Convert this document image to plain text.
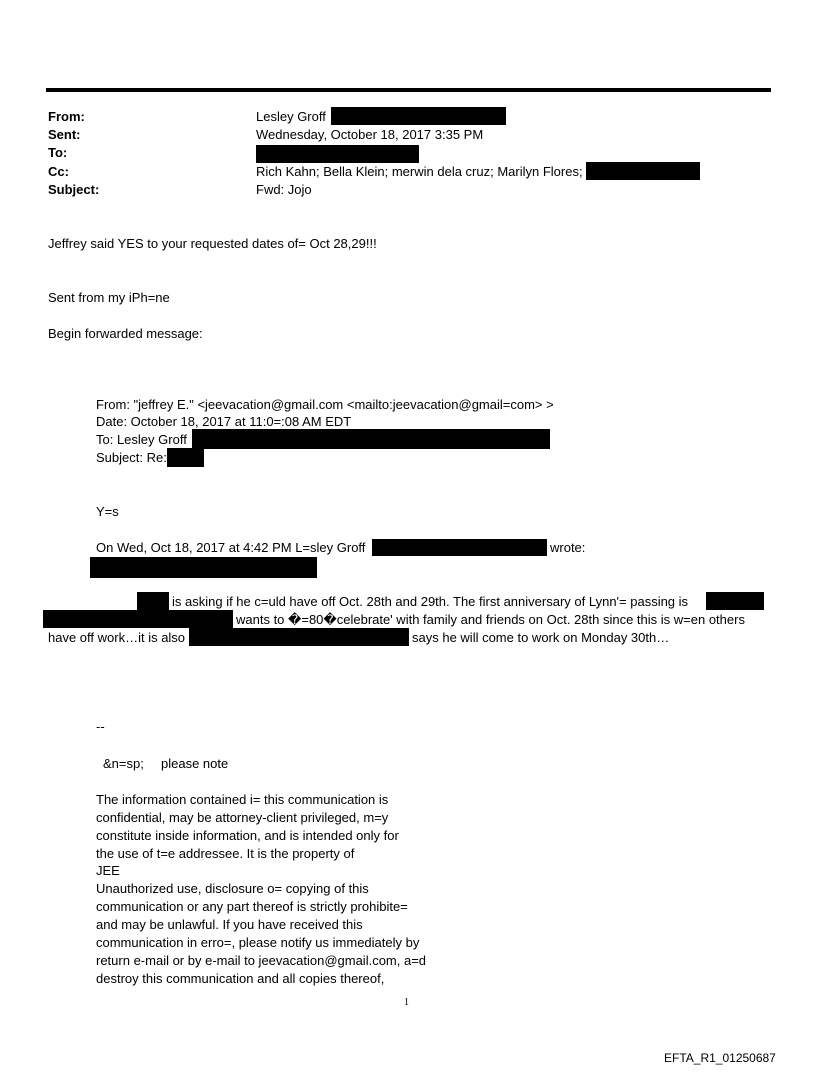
From:
Sent:
To:
Cc:
Subject:
Lesley Groff
Wednesday, October 18, 2017 3:35 PM
Rich Kahn; Bella Klein; merwin dela cruz; Marilyn Flores;
Fwd: Jojo
Jeffrey said YES to your requested dates of= Oct 28,29!!!
Sent from my iPh=ne
Begin forwarded message:
From: "jeffrey E." <jeevacation@gmail.com <mailto:jeevacation@gmail=com> >
Date: October 18, 2017 at 11:0=:08 AM EDT
To: Lesley Groff
Subject: Re:
Y=s
On Wed, Oct 18, 2017 at 4:42 PM L=sley Groff	wrote:
is asking if he c=uld have off Oct. 28th and 29th. The first anniversary of Lynn'= passing is
wants to �=80�celebrate' with family and friends on Oct. 28th since this is w=en others
have off work…it is also	says he will come to work on Monday 30th…
--
&n=sp; please note
The information contained i= this communication is
confidential, may be attorney-client privileged, m=y
constitute inside information, and is intended only for
the use of t=e addressee. It is the property of
JEE
Unauthorized use, disclosure o= copying of this
communication or any part thereof is strictly prohibite=
and may be unlawful. If you have received this
communication in erro=, please notify us immediately by
return e-mail or by e-mail to jeevacation@gmail.com, a=d
destroy this communication and all copies thereof,
1
EFTA_R1_01250687
